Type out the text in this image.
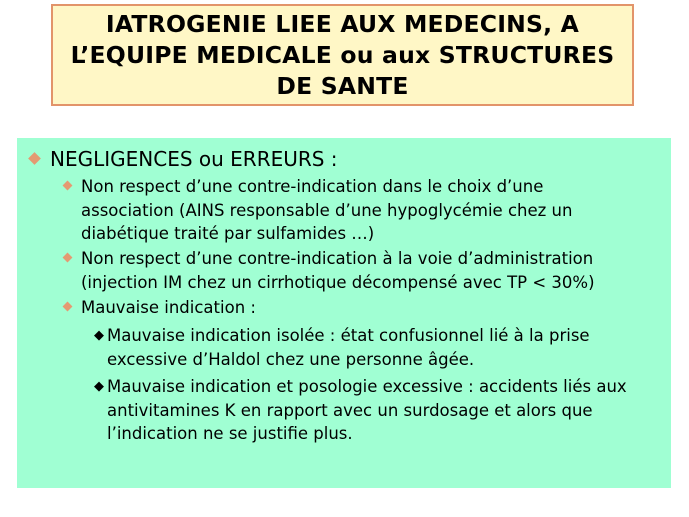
IATROGENIE LIEE AUX MEDECINS, A
L’EQUIPE MEDICALE ou aux STRUCTURES
DE SANTE

NEGLIGENCES ou ERREURS :
Non respect d’une contre-indication dans le choix d’une
association (AINS responsable d’une hypoglycémie chez un
diabétique traité par sulfamides …)
Non respect d’une contre-indication à la voie d’administration
(injection IM chez un cirrhotique décompensé avec TP < 30%)
Mauvaise indication :
◆ Mauvaise indication isolée : état confusionnel lié à la prise
excessive d’Haldol chez une personne âgée.
◆ Mauvaise indication et posologie excessive : accidents liés aux
antivitamines K en rapport avec un surdosage et alors que
l’indication ne se justifie plus.
